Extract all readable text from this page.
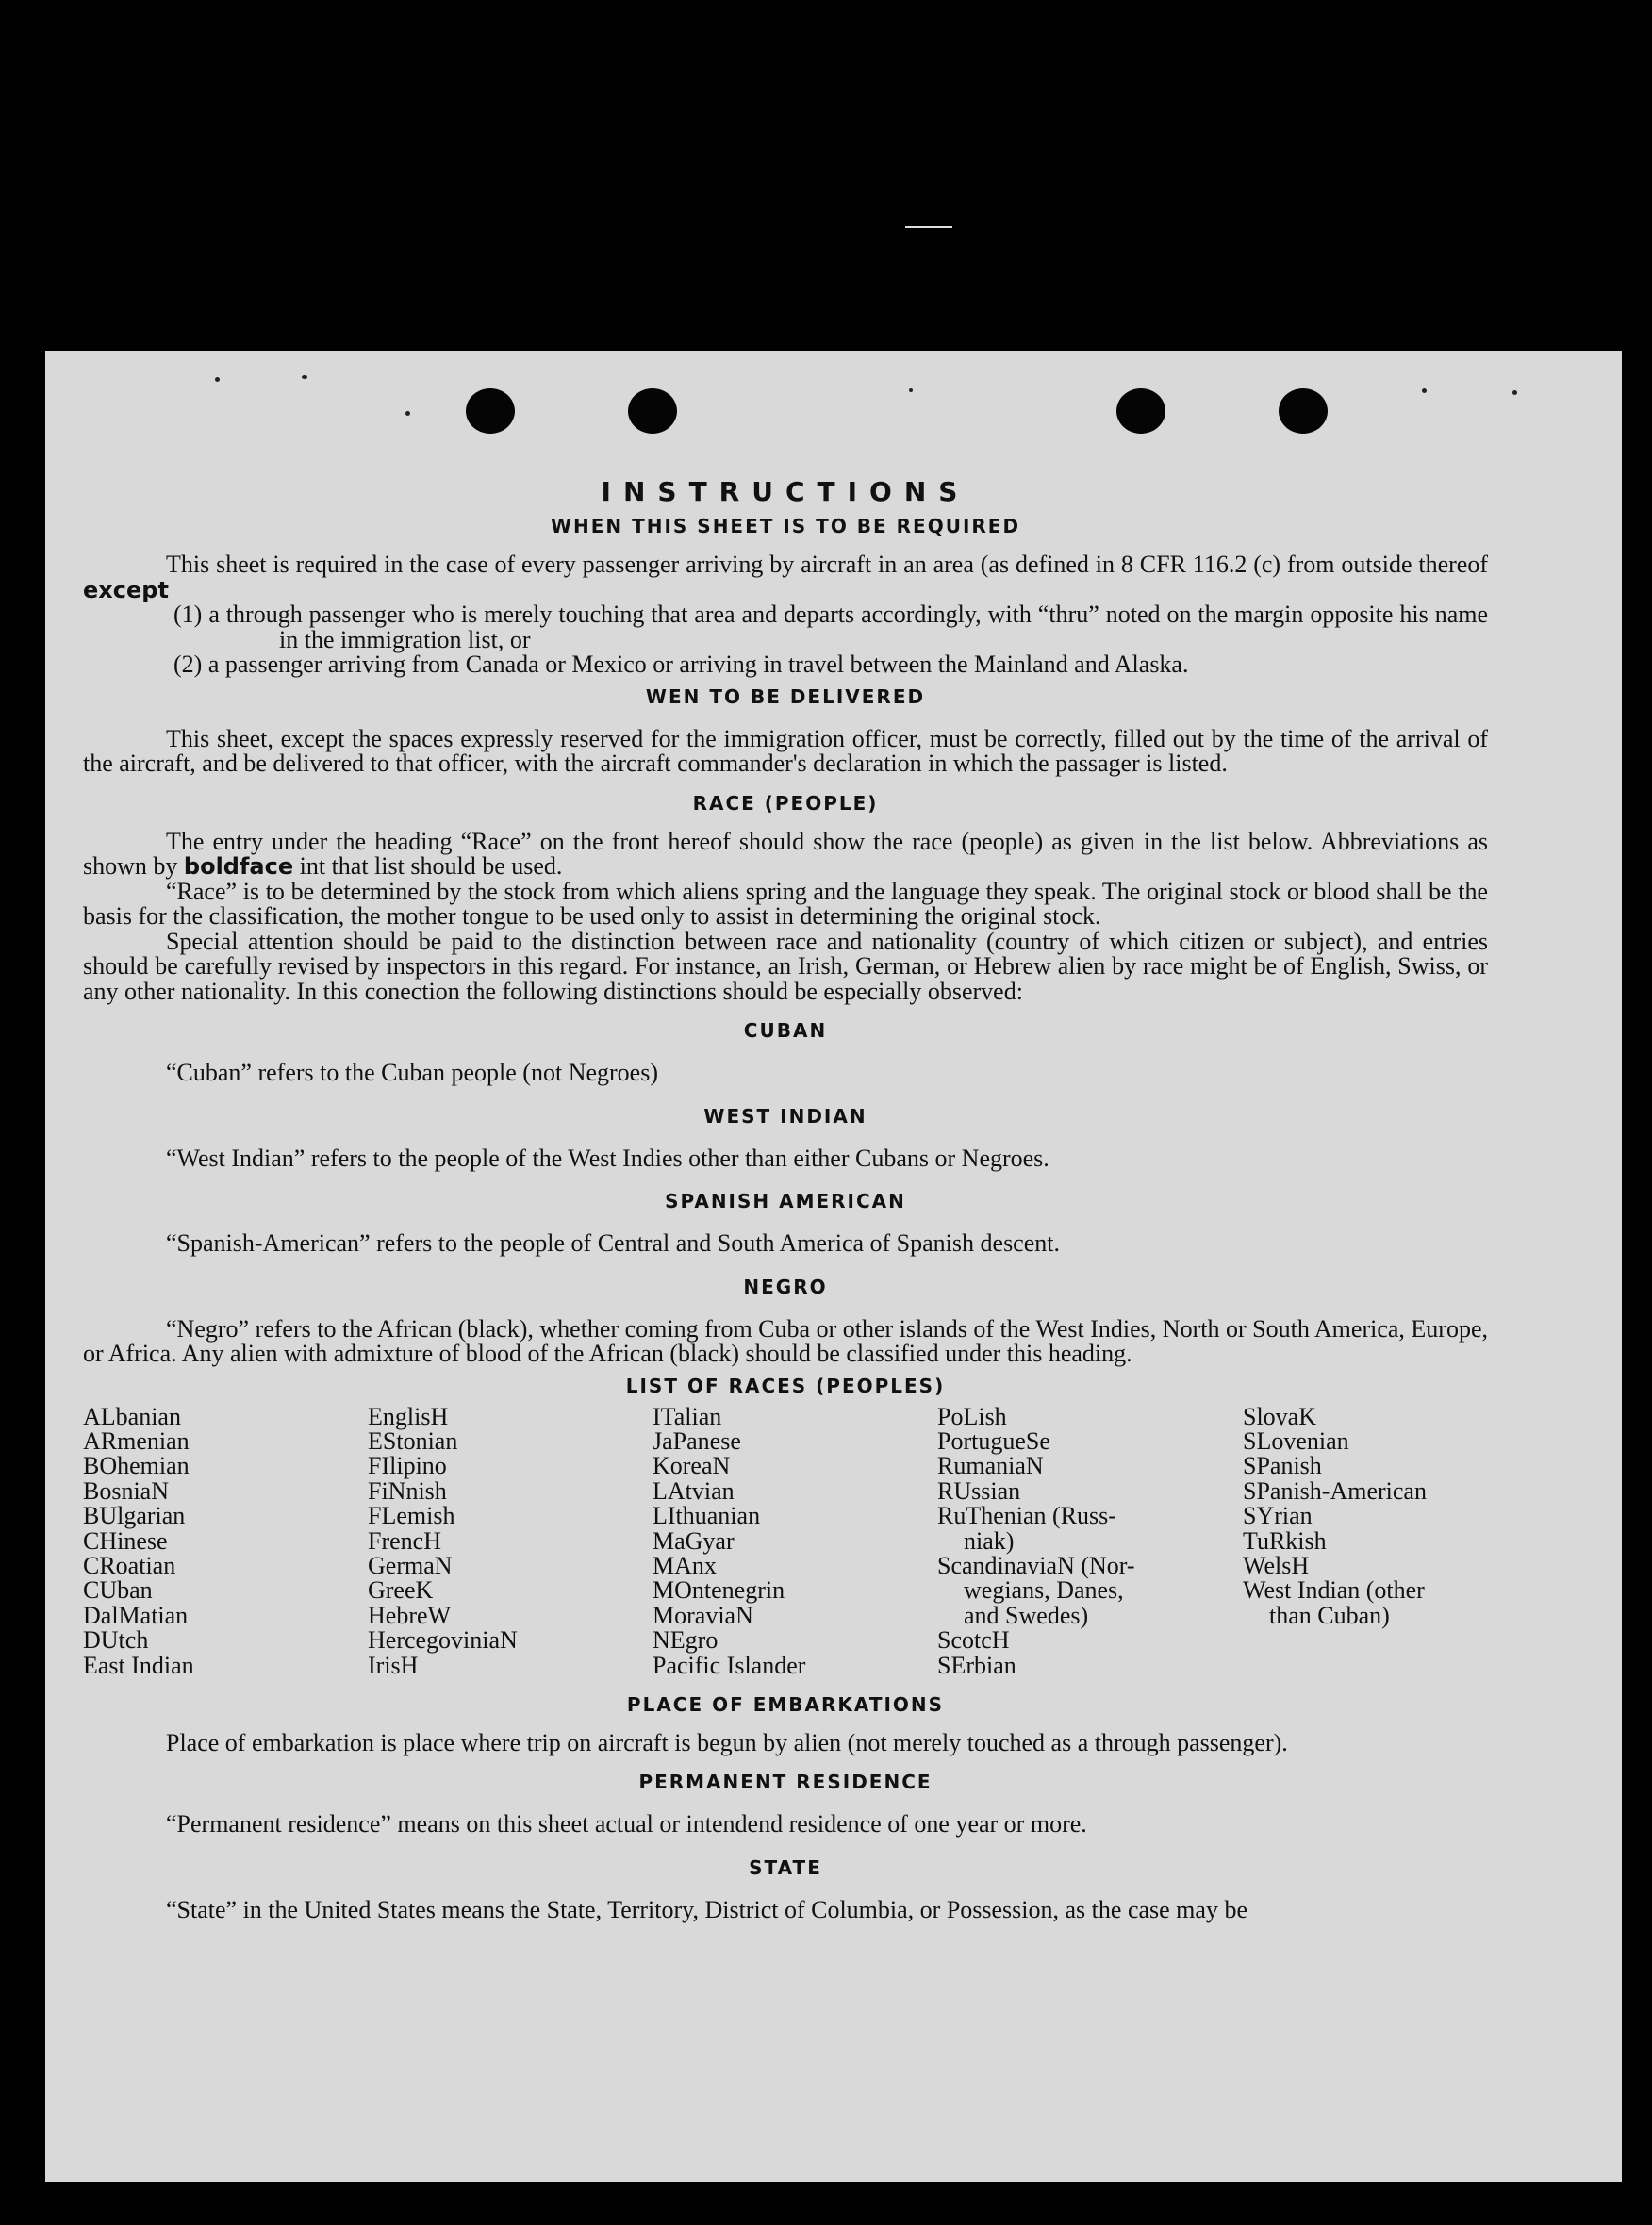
INSTRUCTIONS
WHEN THIS SHEET IS TO BE REQUIRED

This sheet is required in the case of every passenger arriving by aircraft in an area (as defined in 8 CFR 116.2 (c) from outside thereof except

(1) a through passenger who is merely touching that area and departs accordingly, with “thru” noted on the margin opposite his name in the immigration list, or

(2) a passenger arriving from Canada or Mexico or arriving in travel between the Mainland and Alaska.

WEN TO BE DELIVERED

This sheet, except the spaces expressly reserved for the immigration officer, must be correctly, filled out by the time of the arrival of the aircraft, and be delivered to that officer, with the aircraft commander's declaration in which the passager is listed.

RACE (PEOPLE)

The entry under the heading “Race” on the front hereof should show the race (people) as given in the list below. Abbreviations as shown by boldface int that list should be used.

“Race” is to be determined by the stock from which aliens spring and the language they speak. The original stock or blood shall be the basis for the classification, the mother tongue to be used only to assist in determining the original stock.

Special attention should be paid to the distinction between race and nationality (country of which citizen or subject), and entries should be carefully revised by inspectors in this regard. For instance, an Irish, German, or Hebrew alien by race might be of English, Swiss, or any other nationality. In this conection the following distinctions should be especially observed:

CUBAN

“Cuban” refers to the Cuban people (not Negroes)

WEST INDIAN

“West Indian” refers to the people of the West Indies other than either Cubans or Negroes.

SPANISH AMERICAN

“Spanish-American” refers to the people of Central and South America of Spanish descent.

NEGRO

“Negro” refers to the African (black), whether coming from Cuba or other islands of the West Indies, North or South America, Europe, or Africa. Any alien with admixture of blood of the African (black) should be classified under this heading.

LIST OF RACES (PEOPLES)
ALbanian
ARmenian
BOhemian
BosniaN
BUlgarian
CHinese
CRoatian
CUban
DalMatian
DUtch
East Indian
EnglisH
EStonian
FIlipino
FiNnish
FLemish
FrencH
GermaN
GreeK
HebreW
HercegoviniaN
IrisH
ITalian
JaPanese
KoreaN
LAtvian
LIthuanian
MaGyar
MAnx
MOntenegrin
MoraviaN
NEgro
Pacific Islander
PoLish
PortugueSe
RumaniaN
RUssian
RuThenian (Russ-
niak)
ScandinaviaN (Nor-
wegians, Danes,
and Swedes)
ScotcH
SErbian
SlovaK
SLovenian
SPanish
SPanish-American
SYrian
TuRkish
WelsH
West Indian (other
than Cuban)
PLACE OF EMBARKATIONS

Place of embarkation is place where trip on aircraft is begun by alien (not merely touched as a through passenger).

PERMANENT RESIDENCE

“Permanent residence” means on this sheet actual or intendend residence of one year or more.

STATE

“State” in the United States means the State, Territory, District of Columbia, or Possession, as the case may be
